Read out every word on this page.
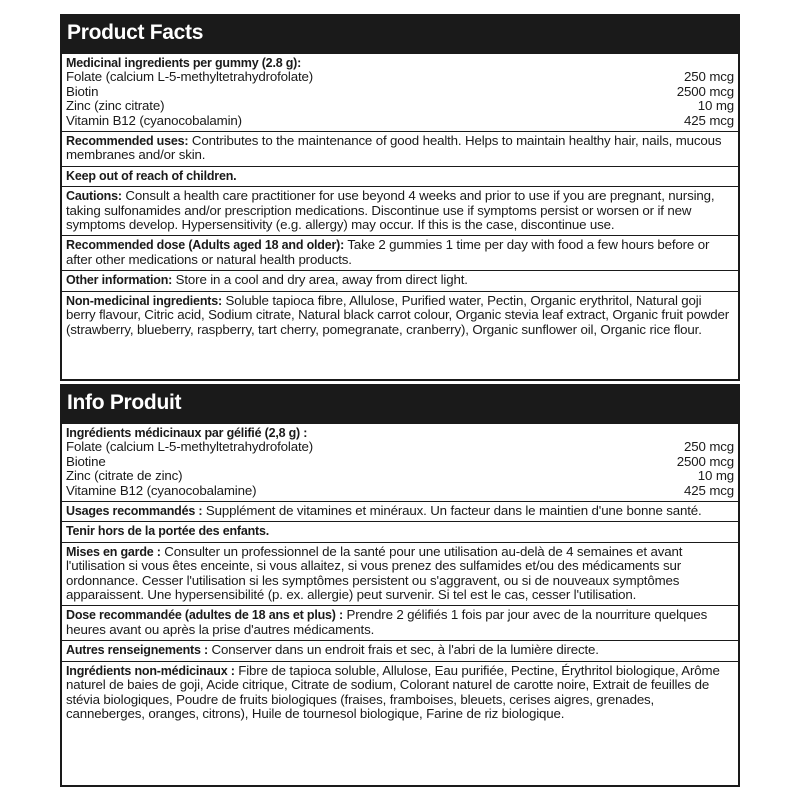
Product Facts
Medicinal ingredients per gummy (2.8 g):
Folate (calcium L-5-methyltetrahydrofolate)	250 mcg
Biotin	2500 mcg
Zinc (zinc citrate)	10 mg
Vitamin B12 (cyanocobalamin)	425 mcg
Recommended uses: Contributes to the maintenance of good health. Helps to maintain healthy hair, nails, mucous membranes and/or skin.
Keep out of reach of children.
Cautions: Consult a health care practitioner for use beyond 4 weeks and prior to use if you are pregnant, nursing, taking sulfonamides and/or prescription medications. Discontinue use if symptoms persist or worsen or if new symptoms develop. Hypersensitivity (e.g. allergy) may occur. If this is the case, discontinue use.
Recommended dose (Adults aged 18 and older): Take 2 gummies 1 time per day with food a few hours before or after other medications or natural health products.
Other information: Store in a cool and dry area, away from direct light.
Non-medicinal ingredients: Soluble tapioca fibre, Allulose, Purified water, Pectin, Organic erythritol, Natural goji berry flavour, Citric acid, Sodium citrate, Natural black carrot colour, Organic stevia leaf extract, Organic fruit powder (strawberry, blueberry, raspberry, tart cherry, pomegranate, cranberry), Organic sunflower oil, Organic rice flour.
Info Produit
Ingrédients médicinaux par gélifié (2,8 g) :
Folate (calcium L-5-methyltetrahydrofolate)	250 mcg
Biotine	2500 mcg
Zinc (citrate de zinc)	10 mg
Vitamine B12 (cyanocobalamine)	425 mcg
Usages recommandés : Supplément de vitamines et minéraux. Un facteur dans le maintien d'une bonne santé.
Tenir hors de la portée des enfants.
Mises en garde : Consulter un professionnel de la santé pour une utilisation au-delà de 4 semaines et avant l'utilisation si vous êtes enceinte, si vous allaitez, si vous prenez des sulfamides et/ou des médicaments sur ordonnance. Cesser l'utilisation si les symptômes persistent ou s'aggravent, ou si de nouveaux symptômes apparaissent. Une hypersensibilité (p. ex. allergie) peut survenir. Si tel est le cas, cesser l'utilisation.
Dose recommandée (adultes de 18 ans et plus) : Prendre 2 gélifiés 1 fois par jour avec de la nourriture quelques heures avant ou après la prise d'autres médicaments.
Autres renseignements : Conserver dans un endroit frais et sec, à l'abri de la lumière directe.
Ingrédients non-médicinaux : Fibre de tapioca soluble, Allulose, Eau purifiée, Pectine, Érythritol biologique, Arôme naturel de baies de goji, Acide citrique, Citrate de sodium, Colorant naturel de carotte noire, Extrait de feuilles de stévia biologiques, Poudre de fruits biologiques (fraises, framboises, bleuets, cerises aigres, grenades, canneberges, oranges, citrons), Huile de tournesol biologique, Farine de riz biologique.
